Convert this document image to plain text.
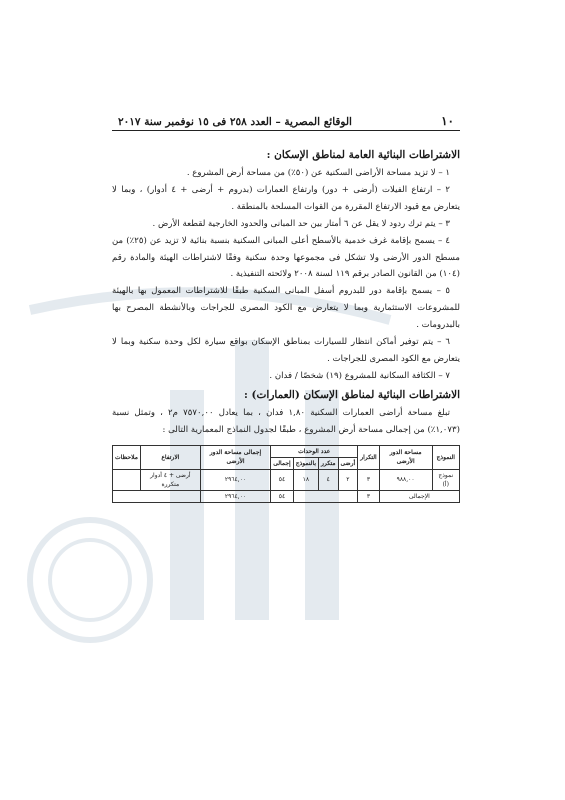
١٠
الوقائع المصرية – العدد ٢٥٨ فى ١٥ نوفمبر سنة ٢٠١٧
الاشتراطات البنائية العامة لمناطق الإسكان :

١ – لا تزيد مساحة الأراضى السكنية عن (٥٠٪) من مساحة أرض المشروع .

٢ – ارتفاع الفيلات (أرضى + دور) وارتفاع العمارات (بدروم + أرضى + ٤ أدوار) ، وبما لا يتعارض مع قيود الارتفاع المقررة من القوات المسلحة بالمنطقة .

٣ – يتم ترك ردود لا يقل عن ٦ أمتار بين حد المبانى والحدود الخارجية لقطعة الأرض .

٤ – يسمح بإقامة غرف خدمية بالأسطح أعلى المبانى السكنية بنسبة بنائية لا تزيد عن (٢٥٪) من مسطح الدور الأرضى ولا تشكل فى مجموعها وحدة سكنية وفقًا لاشتراطات الهيئة والمادة رقم (١٠٤) من القانون الصادر برقم ١١٩ لسنة ٢٠٠٨ ولائحته التنفيذية .

٥ – يسمح بإقامة دور للبدروم أسفل المبانى السكنية طبقًا للاشتراطات المعمول بها بالهيئة للمشروعات الاستثمارية وبما لا يتعارض مع الكود المصرى للجراجات وبالأنشطة المصرح بها بالبدرومات .

٦ – يتم توفير أماكن انتظار للسيارات بمناطق الإسكان بواقع سيارة لكل وحدة سكنية وبما لا يتعارض مع الكود المصرى للجراجات .

٧ – الكثافة السكانية للمشروع (١٩) شخصًا / فدان .

الاشتراطات البنائية لمناطق الإسكان (العمارات) :

تبلغ مساحة أراضى العمارات السكنية ١,٨٠ فدان ، بما يعادل ٧٥٧٠,٠٠ م٢ ، وتمثل نسبة (١,٠٧٣٪) من إجمالى مساحة أرض المشروع ، طبقًا لجدول النماذج المعمارية التالى :

النموذج	مساحة الدور الأرضى	التكرار	عدد الوحدات				إجمالى مساحة الدور الأرضى	الارتفاع	ملاحظات
			أرضى	متكرر	بالنموذج	إجمالى			
نموذج (أ)	٩٨٨,٠٠	٣	٢	٤	١٨	٥٤	٢٩٦٤,٠٠	أرضى + ٤ أدوار متكررة	
الإجمالى		٣				٥٤	٢٩٦٤,٠٠		
